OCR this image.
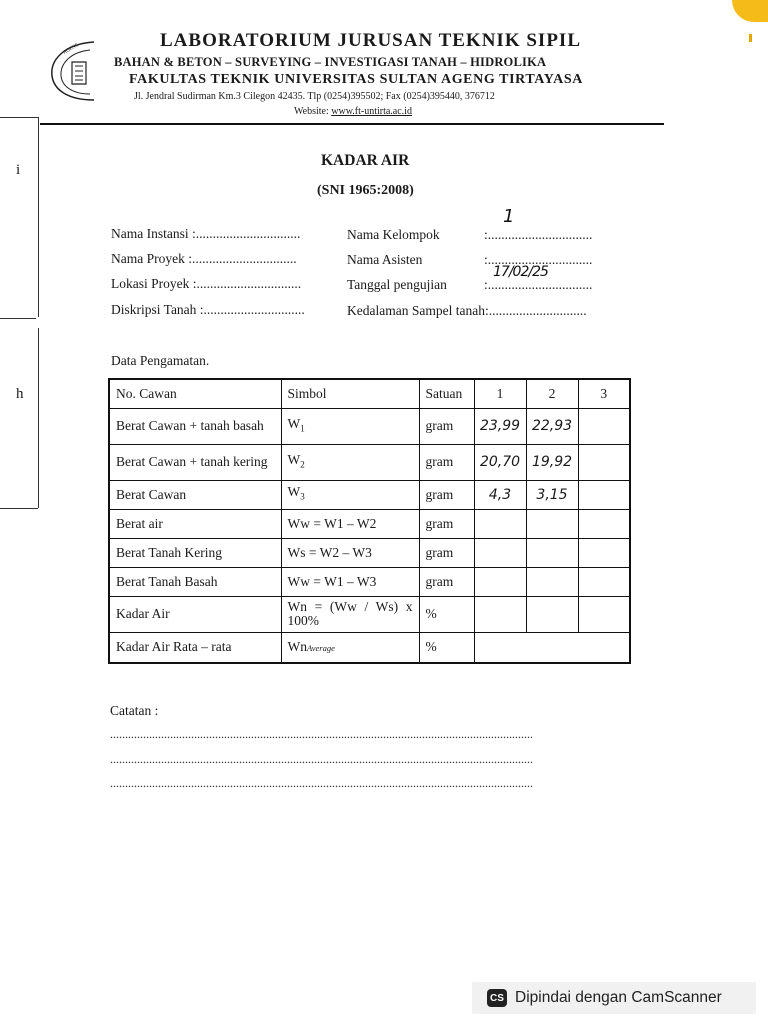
i
h
AGENG	LABORATORIUM JURUSAN TEKNIK SIPIL
BAHAN & BETON – SURVEYING – INVESTIGASI TANAH – HIDROLIKA
FAKULTAS TEKNIK UNIVERSITAS SULTAN AGENG TIRTAYASA
Jl. Jendral Sudirman Km.3 Cilegon 42435. Tlp (0254)395502; Fax (0254)395440, 376712
Website: www.ft-untirta.ac.id
KADAR AIR
(SNI 1965:2008)
Nama Instansi :...............................
Nama Proyek :...............................
Lokasi Proyek :...............................
Diskripsi Tanah :..............................
Nama Kelompok	:...............................
1
Nama Asisten	:...............................
Tanggal pengujian	:...............................
17/02/25
Kedalaman Sampel tanah:.............................
Data Pengamatan.
No. Cawan	Simbol	Satuan	1	2	3
Berat Cawan + tanah basah	$W_1$	gram	23,99	22,93	
Berat Cawan + tanah kering	$W_2$	gram	20,70	19,92	
Berat Cawan	$W_3$	gram	4,3	3,15	
Berat air	Ww = W1 – W2	gram			
Berat Tanah Kering	Ws = W2 – W3	gram			
Berat Tanah Basah	Ww = W1 – W3	gram			
Kadar Air	Wn = (Ww / Ws) x 100%	%			
Kadar Air Rata – rata	WnAverage	%			
Catatan :
.............................................................................................................................................
.............................................................................................................................................
.............................................................................................................................................
CS Dipindai dengan CamScanner
